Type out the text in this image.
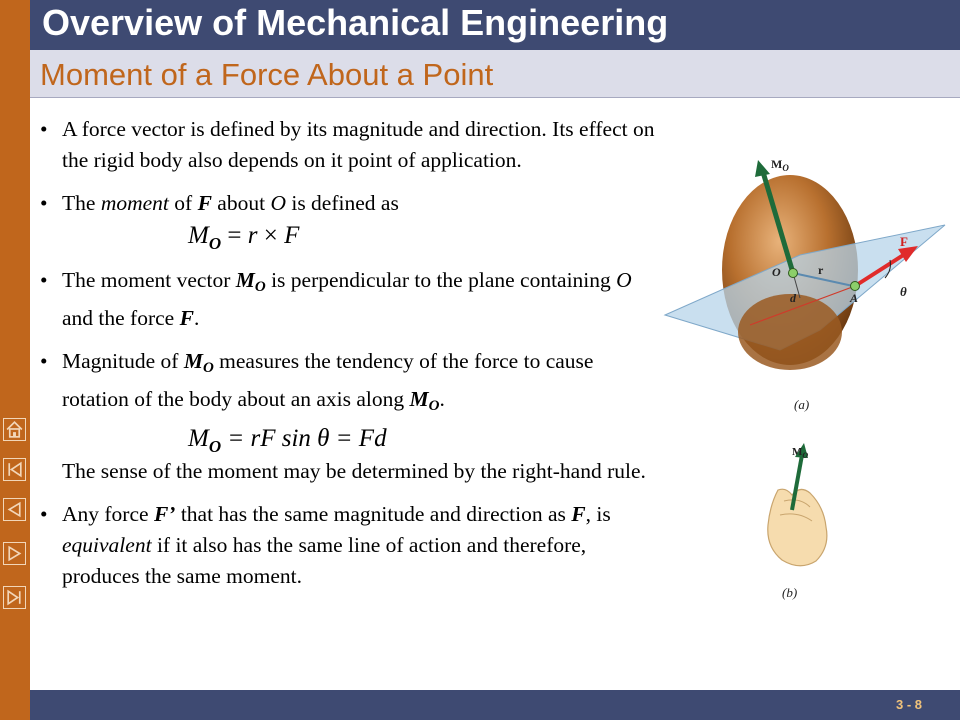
Overview of Mechanical Engineering
Moment of a Force About a Point
• A force vector is defined by its magnitude and direction. Its effect on the rigid body also depends on it point of application.
• The moment of F about O is defined as
$M_O = r \times F$
• The moment vector MO is perpendicular to the plane containing O and the force F.
• Magnitude of MO measures the tendency of the force to cause rotation of the body about an axis along MO.
$M_O$ = rF sin θ = Fd
The sense of the moment may be determined by the right-hand rule.
• Any force F’ that has the same magnitude and direction as F, is equivalent if it also has the same line of action and therefore, produces the same moment.
$M_O$
F
O	r
d	A	θ
(a)
$M_O$
(b)
3 - 8
